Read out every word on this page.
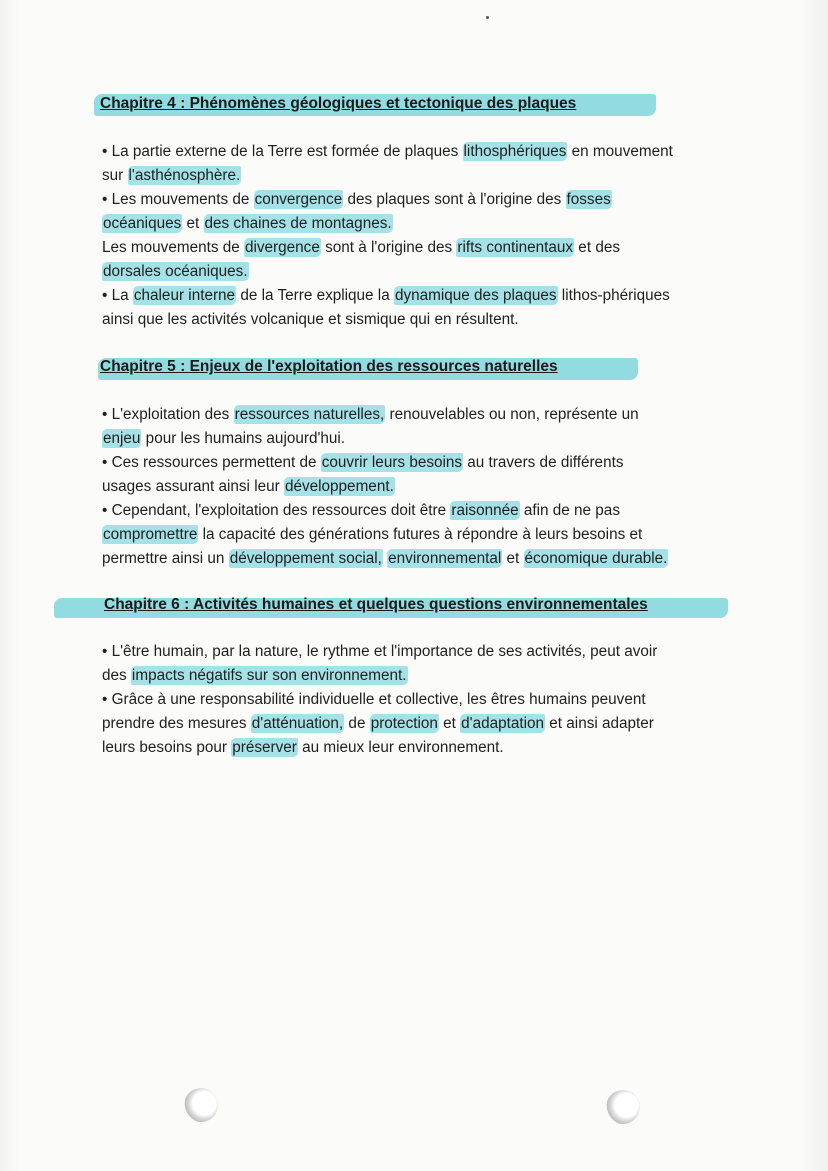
Chapitre 4 : Phénomènes géologiques et tectonique des plaques
• La partie externe de la Terre est formée de plaques lithosphériques en mouvement
sur l'asthénosphère.
• Les mouvements de convergence des plaques sont à l'origine des fosses
océaniques et des chaines de montagnes.
Les mouvements de divergence sont à l'origine des rifts continentaux et des
dorsales océaniques.
• La chaleur interne de la Terre explique la dynamique des plaques lithos-phériques
ainsi que les activités volcanique et sismique qui en résultent.
Chapitre 5 : Enjeux de l'exploitation des ressources naturelles
• L'exploitation des ressources naturelles, renouvelables ou non, représente un
enjeu pour les humains aujourd'hui.
• Ces ressources permettent de couvrir leurs besoins au travers de différents
usages assurant ainsi leur développement.
• Cependant, l'exploitation des ressources doit être raisonnée afin de ne pas
compromettre la capacité des générations futures à répondre à leurs besoins et
permettre ainsi un développement social, environnemental et économique durable.
Chapitre 6 : Activités humaines et quelques questions environnementales
• L'être humain, par la nature, le rythme et l'importance de ses activités, peut avoir
des impacts négatifs sur son environnement.
• Grâce à une responsabilité individuelle et collective, les êtres humains peuvent
prendre des mesures d'atténuation, de protection et d'adaptation et ainsi adapter
leurs besoins pour préserver au mieux leur environnement.
